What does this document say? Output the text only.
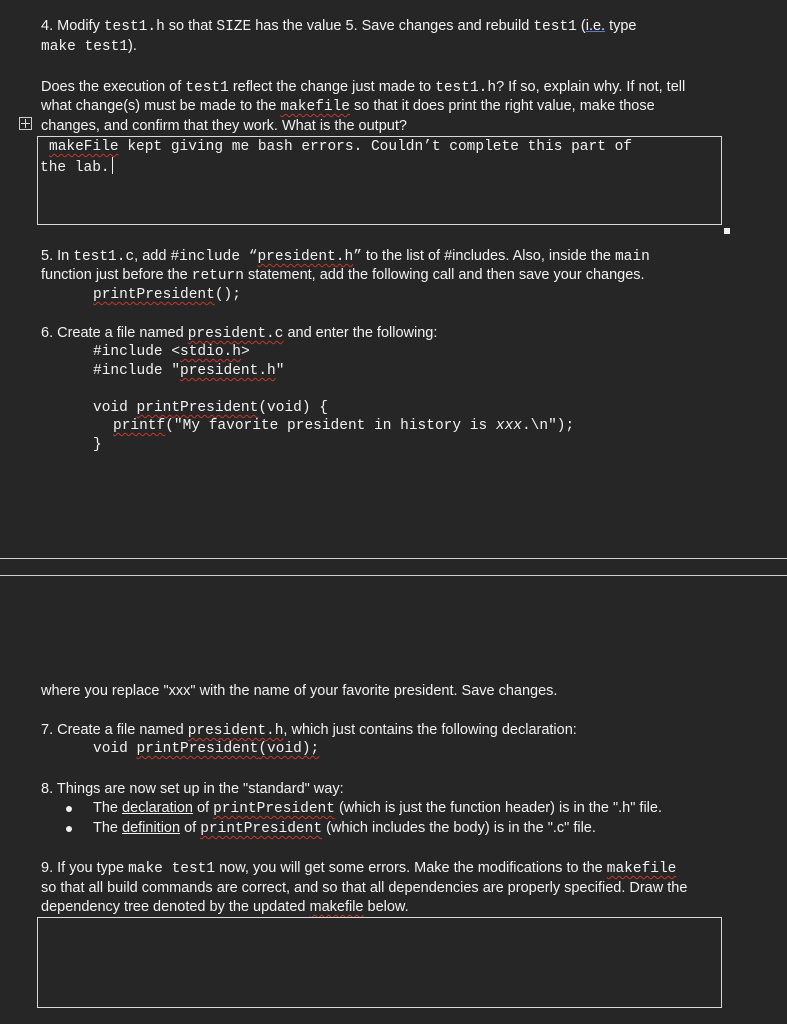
4. Modify test1.h so that SIZE has the value 5. Save changes and rebuild test1 (i.e. type
make test1).
Does the execution of test1 reflect the change just made to test1.h? If so, explain why. If not, tell
what change(s) must be made to the makefile so that it does print the right value, make those
changes, and confirm that they work. What is the output?
makeFile kept giving me bash errors. Couldn’t complete this part of
the lab.
5. In test1.c, add #include “president.h” to the list of #includes. Also, inside the main
function just before the return statement, add the following call and then save your changes.
printPresident();
6. Create a file named president.c and enter the following:
#include <stdio.h>
#include "president.h"
void printPresident(void) {
printf("My favorite president in history is xxx.\n");
}
where you replace "xxx" with the name of your favorite president. Save changes.
7. Create a file named president.h, which just contains the following declaration:
void printPresident(void);
8. Things are now set up in the "standard" way:
The declaration of printPresident (which is just the function header) is in the ".h" file.
The definition of printPresident (which includes the body) is in the ".c" file.
9. If you type make test1 now, you will get some errors. Make the modifications to the makefile
so that all build commands are correct, and so that all dependencies are properly specified. Draw the
dependency tree denoted by the updated makefile below.
